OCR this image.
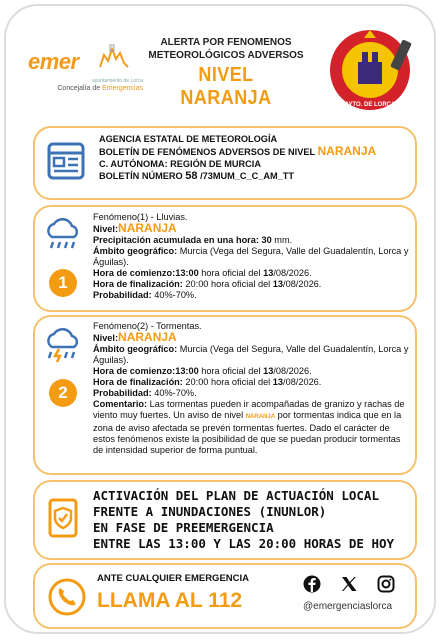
emer
ayuntamiento de Lorca
Concejalía de Emergencias
ALERTA POR FENOMENOS METEOROLÓGICOS ADVERSOS
NIVEL NARANJA	AYTO. DE LORCA
AGENCIA ESTATAL DE METEOROLOGÍA
BOLETÍN DE FENÓMENOS ADVERSOS DE NIVEL NARANJA
C. AUTÓNOMA: REGIÓN DE MURCIA
BOLETÍN NÚMERO 58 /73MUM_C_C_AM_TT
1
Fenómeno(1) - Lluvias.
Nivel:NARANJA
Precipitación acumulada en una hora: 30 mm.
Ámbito geográfico: Murcia (Vega del Segura, Valle del Guadalentín, Lorca y Águilas).
Hora de comienzo:13:00 hora oficial del 13/08/2026.
Hora de finalización: 20:00 hora oficial del 13/08/2026.
Probabilidad: 40%-70%.
2
Fenómeno(2) - Tormentas.
Nivel:NARANJA
Ámbito geográfico: Murcia (Vega del Segura, Valle del Guadalentín, Lorca y Águilas).
Hora de comienzo:13:00 hora oficial del 13/08/2026.
Hora de finalización: 20:00 hora oficial del 13/08/2026.
Probabilidad: 40%-70%.
Comentario: Las tormentas pueden ir acompañadas de granizo y rachas de viento muy fuertes. Un aviso de nivel NARANJA por tormentas indica que en la zona de aviso afectada se prevén tormentas fuertes. Dado el carácter de estos fenómenos existe la posibilidad de que se puedan producir tormentas de intensidad superior de forma puntual.
ACTIVACIÓN DEL PLAN DE ACTUACIÓN LOCAL
FRENTE A INUNDACIONES (INUNLOR)
EN FASE DE PREEMERGENCIA
ENTRE LAS 13:00 Y LAS 20:00 HORAS DE HOY
ANTE CUALQUIER EMERGENCIA
LLAMA AL 112	@emergenciaslorca
